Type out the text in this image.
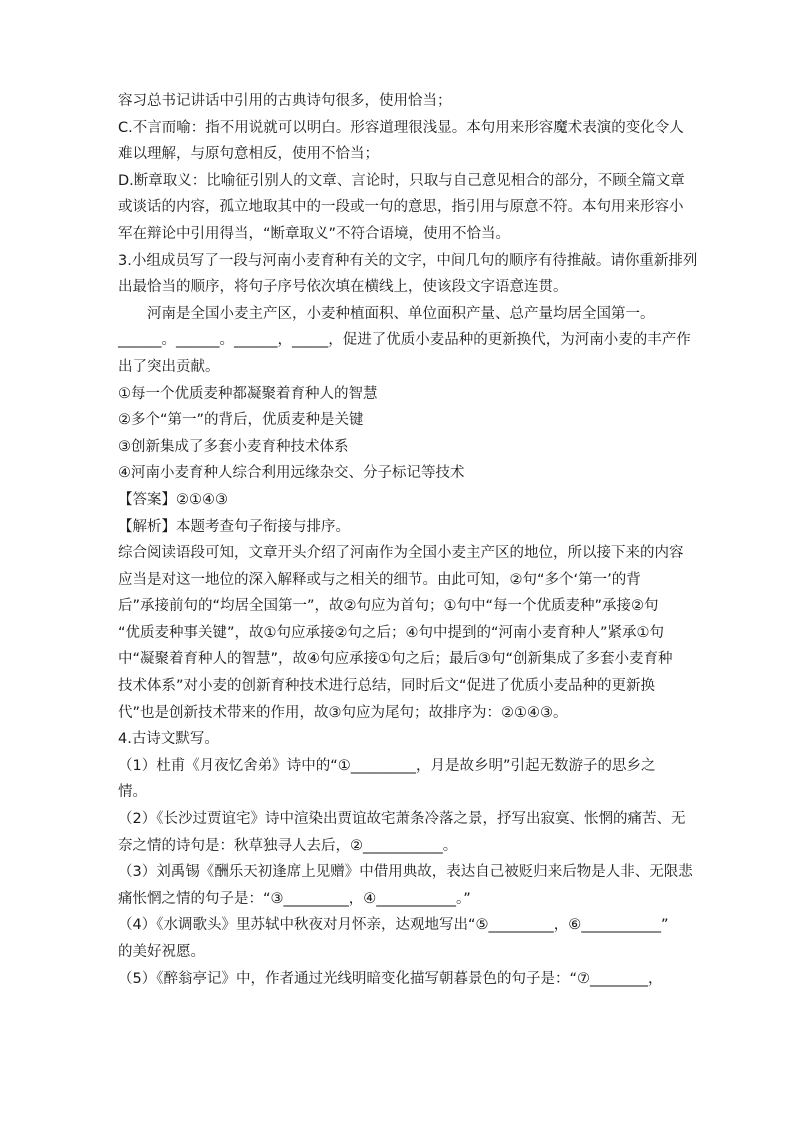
容习总书记讲话中引用的古典诗句很多，使用恰当；
C.不言而喻：指不用说就可以明白。形容道理很浅显。本句用来形容魔术表演的变化令人
难以理解，与原句意相反，使用不恰当；
D.断章取义：比喻征引别人的文章、言论时，只取与自己意见相合的部分，不顾全篇文章
或谈话的内容，孤立地取其中的一段或一句的意思，指引用与原意不符。本句用来形容小
军在辩论中引用得当，“断章取义”不符合语境，使用不恰当。
3.小组成员写了一段与河南小麦育种有关的文字，中间几句的顺序有待推敲。请你重新排列
出最恰当的顺序，将句子序号依次填在横线上，使该段文字语意连贯。
河南是全国小麦主产区，小麦种植面积、单位面积产量、总产量均居全国第一。
______。______。______，_____，促进了优质小麦品种的更新换代，为河南小麦的丰产作
出了突出贡献。
①每一个优质麦种都凝聚着育种人的智慧
②多个“第一”的背后，优质麦种是关键
③创新集成了多套小麦育种技术体系
④河南小麦育种人综合利用远缘杂交、分子标记等技术
【答案】②①④③
【解析】本题考查句子衔接与排序。
综合阅读语段可知，文章开头介绍了河南作为全国小麦主产区的地位，所以接下来的内容
应当是对这一地位的深入解释或与之相关的细节。由此可知，②句“多个‘第一’的背
后”承接前句的“均居全国第一”，故②句应为首句；①句中“每一个优质麦种”承接②句
“优质麦种事关键”，故①句应承接②句之后；④句中提到的“河南小麦育种人”紧承①句
中“凝聚着育种人的智慧”，故④句应承接①句之后；最后③句“创新集成了多套小麦育种
技术体系”对小麦的创新育种技术进行总结，同时后文“促进了优质小麦品种的更新换
代”也是创新技术带来的作用，故③句应为尾句；故排序为：②①④③。
4.古诗文默写。
（1）杜甫《月夜忆舍弟》诗中的“①_________，月是故乡明”引起无数游子的思乡之
情。
（2）《长沙过贾谊宅》诗中渲染出贾谊故宅萧条冷落之景，抒写出寂寞、怅惘的痛苦、无
奈之情的诗句是：秋草独寻人去后，②___________。
（3）刘禹锡《酬乐天初逢席上见赠》中借用典故，表达自己被贬归来后物是人非、无限悲
痛怅惘之情的句子是：“③_________，④___________。”
（4）《水调歌头》里苏轼中秋夜对月怀亲，达观地写出“⑤_________，⑥___________”
的美好祝愿。
（5）《醉翁亭记》中，作者通过光线明暗变化描写朝暮景色的句子是：“⑦________，
